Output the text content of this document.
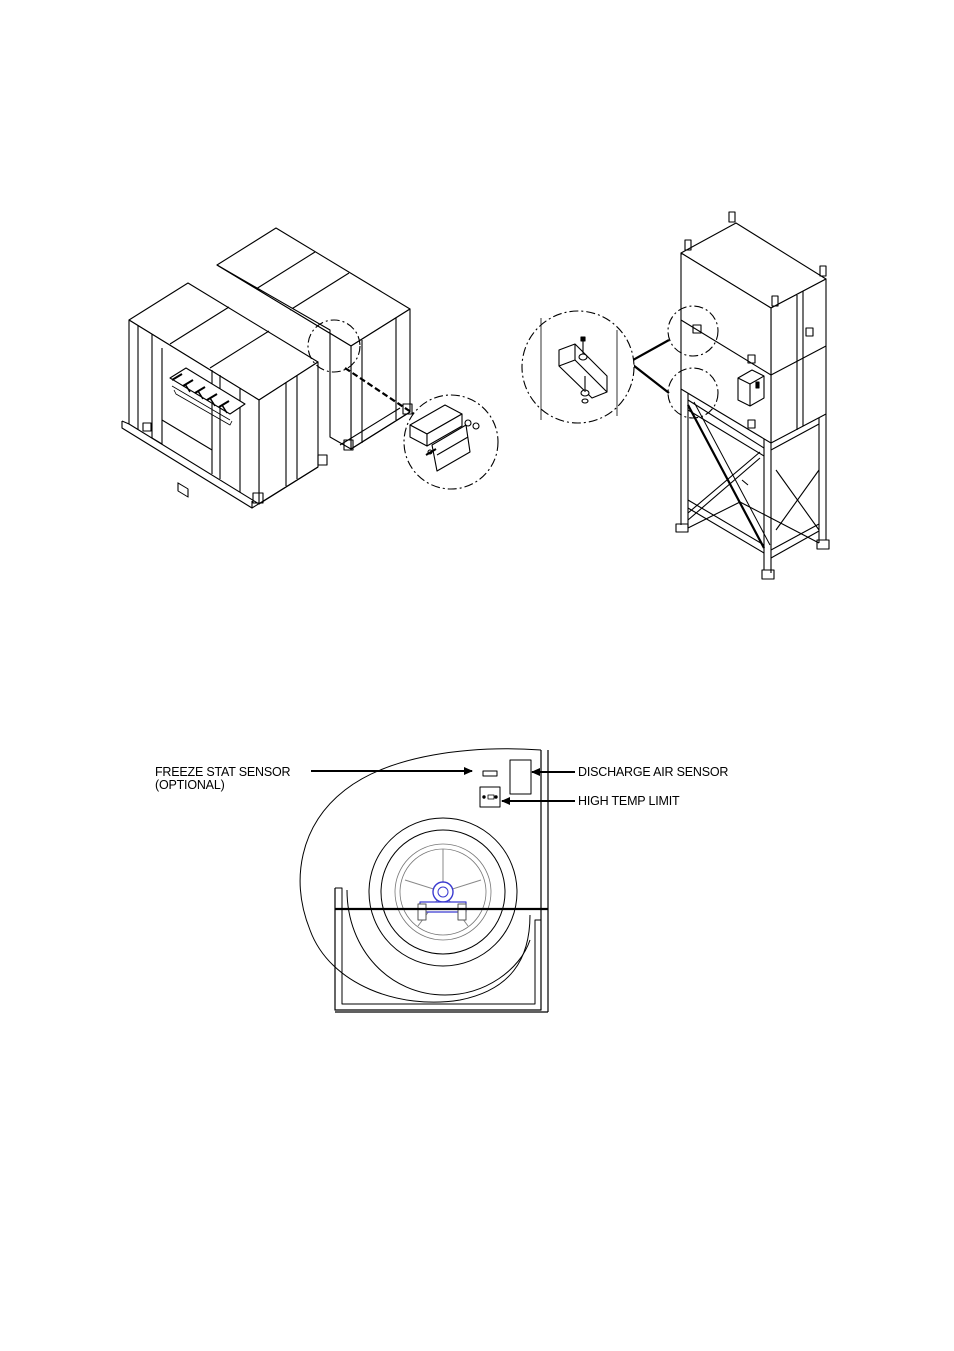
FREEZE STAT SENSOR
(OPTIONAL)
DISCHARGE AIR SENSOR
HIGH TEMP LIMIT
